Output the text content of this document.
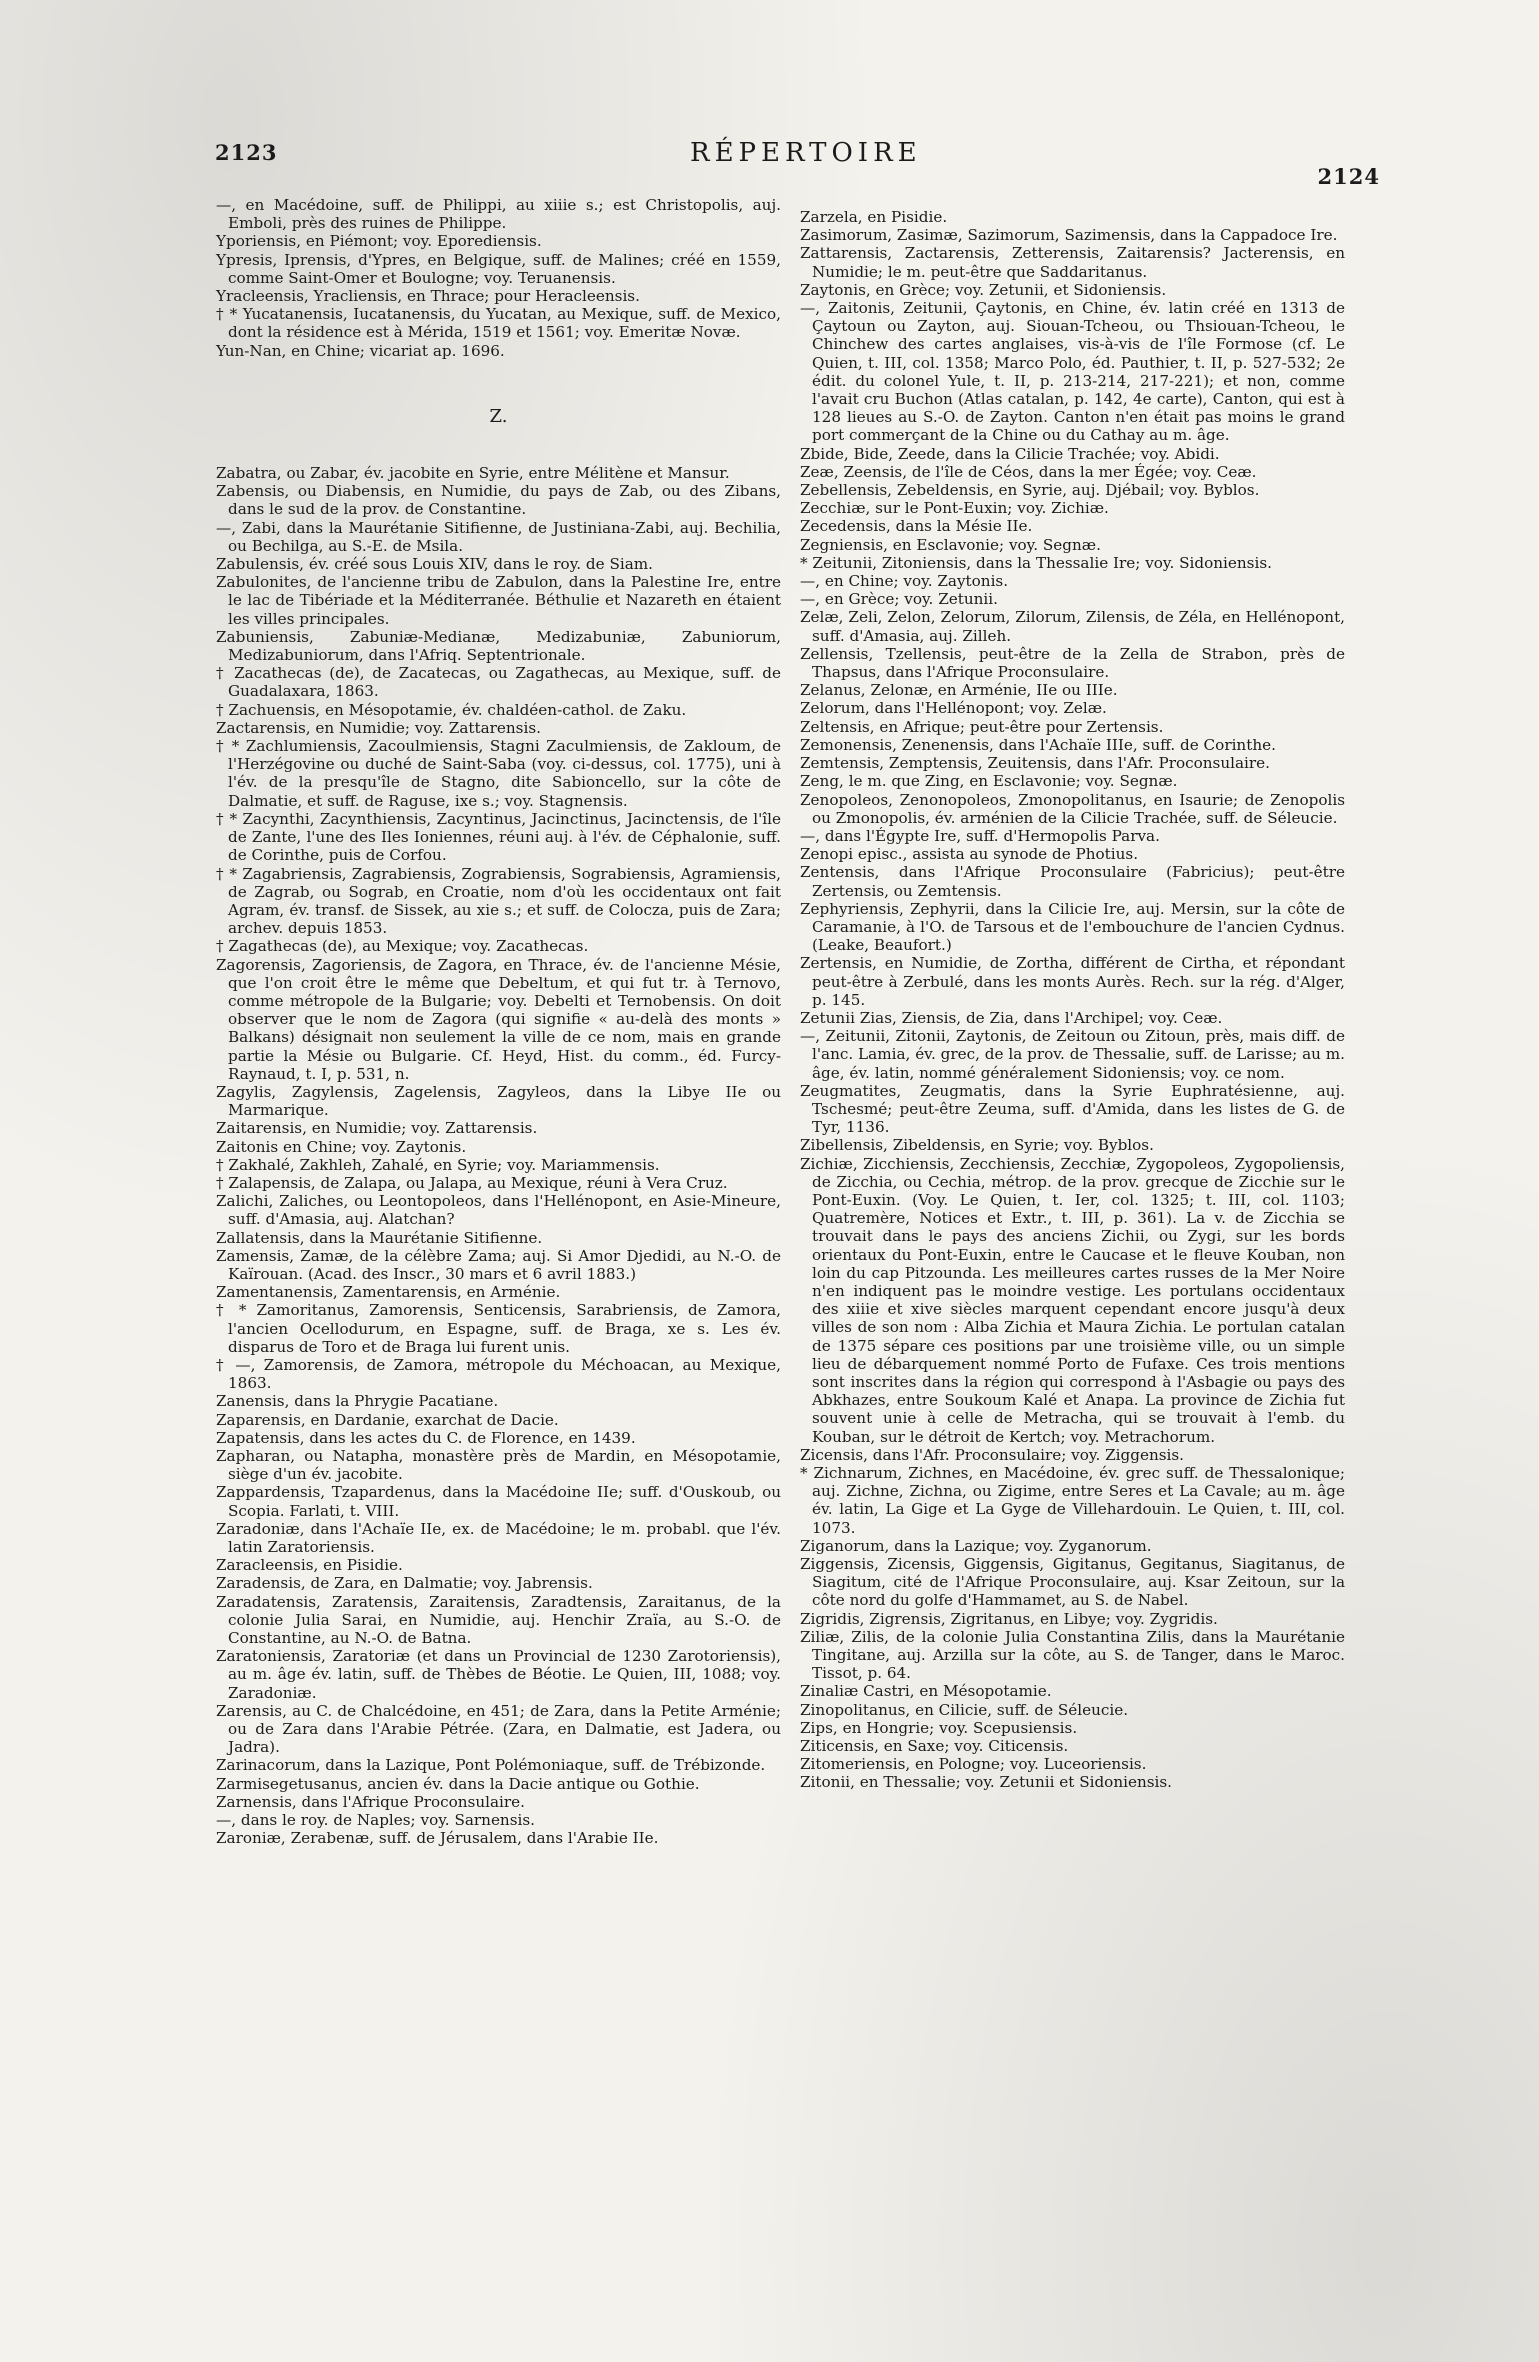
2123	RÉPERTOIRE
2124

—, en Macédoine, suff. de Philippi, au xiiie s.; est Christopolis, auj. Emboli, près des ruines de Philippe.

Yporiensis, en Piémont; voy. Eporediensis.

Ypresis, Iprensis, d'Ypres, en Belgique, suff. de Malines; créé en 1559, comme Saint-Omer et Boulogne; voy. Teruanensis.

Yracleensis, Yracliensis, en Thrace; pour Heracleensis.

† * Yucatanensis, Iucatanensis, du Yucatan, au Mexique, suff. de Mexico, dont la résidence est à Mérida, 1519 et 1561; voy. Emeritæ Novæ.

Yun-Nan, en Chine; vicariat ap. 1696.

Z.

Zabatra, ou Zabar, év. jacobite en Syrie, entre Mélitène et Mansur.

Zabensis, ou Diabensis, en Numidie, du pays de Zab, ou des Zibans, dans le sud de la prov. de Constantine.

—, Zabi, dans la Maurétanie Sitifienne, de Justiniana-Zabi, auj. Bechilia, ou Bechilga, au S.-E. de Msila.

Zabulensis, év. créé sous Louis XIV, dans le roy. de Siam.

Zabulonites, de l'ancienne tribu de Zabulon, dans la Palestine Ire, entre le lac de Tibériade et la Méditerranée. Béthulie et Nazareth en étaient les villes principales.

Zabuniensis, Zabuniæ-Medianæ, Medizabuniæ, Zabuniorum, Medizabuniorum, dans l'Afriq. Septentrionale.

† Zacathecas (de), de Zacatecas, ou Zagathecas, au Mexique, suff. de Guadalaxara, 1863.

† Zachuensis, en Mésopotamie, év. chaldéen-cathol. de Zaku.

Zactarensis, en Numidie; voy. Zattarensis.

† * Zachlumiensis, Zacoulmiensis, Stagni Zaculmiensis, de Zakloum, de l'Herzégovine ou duché de Saint-Saba (voy. ci-dessus, col. 1775), uni à l'év. de la presqu'île de Stagno, dite Sabioncello, sur la côte de Dalmatie, et suff. de Raguse, ixe s.; voy. Stagnensis.

† * Zacynthi, Zacynthiensis, Zacyntinus, Jacinctinus, Jacinctensis, de l'île de Zante, l'une des Iles Ioniennes, réuni auj. à l'év. de Céphalonie, suff. de Corinthe, puis de Corfou.

† * Zagabriensis, Zagrabiensis, Zograbiensis, Sograbiensis, Agramiensis, de Zagrab, ou Sograb, en Croatie, nom d'où les occidentaux ont fait Agram, év. transf. de Sissek, au xie s.; et suff. de Colocza, puis de Zara; archev. depuis 1853.

† Zagathecas (de), au Mexique; voy. Zacathecas.

Zagorensis, Zagoriensis, de Zagora, en Thrace, év. de l'ancienne Mésie, que l'on croit être le même que Debeltum, et qui fut tr. à Ternovo, comme métropole de la Bulgarie; voy. Debelti et Ternobensis. On doit observer que le nom de Zagora (qui signifie « au-delà des monts » Balkans) désignait non seulement la ville de ce nom, mais en grande partie la Mésie ou Bulgarie. Cf. Heyd, Hist. du comm., éd. Furcy-Raynaud, t. I, p. 531, n.

Zagylis, Zagylensis, Zagelensis, Zagyleos, dans la Libye IIe ou Marmarique.

Zaitarensis, en Numidie; voy. Zattarensis.

Zaitonis en Chine; voy. Zaytonis.

† Zakhalé, Zakhleh, Zahalé, en Syrie; voy. Mariammensis.

† Zalapensis, de Zalapa, ou Jalapa, au Mexique, réuni à Vera Cruz.

Zalichi, Zaliches, ou Leontopoleos, dans l'Hellénopont, en Asie-Mineure, suff. d'Amasia, auj. Alatchan?

Zallatensis, dans la Maurétanie Sitifienne.

Zamensis, Zamæ, de la célèbre Zama; auj. Si Amor Djedidi, au N.-O. de Kaïrouan. (Acad. des Inscr., 30 mars et 6 avril 1883.)

Zamentanensis, Zamentarensis, en Arménie.

† * Zamoritanus, Zamorensis, Senticensis, Sarabriensis, de Zamora, l'ancien Ocellodurum, en Espagne, suff. de Braga, xe s. Les év. disparus de Toro et de Braga lui furent unis.

† —, Zamorensis, de Zamora, métropole du Méchoacan, au Mexique, 1863.

Zanensis, dans la Phrygie Pacatiane.

Zaparensis, en Dardanie, exarchat de Dacie.

Zapatensis, dans les actes du C. de Florence, en 1439.

Zapharan, ou Natapha, monastère près de Mardin, en Mésopotamie, siège d'un év. jacobite.

Zappardensis, Tzapardenus, dans la Macédoine IIe; suff. d'Ouskoub, ou Scopia. Farlati, t. VIII.

Zaradoniæ, dans l'Achaïe IIe, ex. de Macédoine; le m. probabl. que l'év. latin Zaratoriensis.

Zaracleensis, en Pisidie.

Zaradensis, de Zara, en Dalmatie; voy. Jabrensis.

Zaradatensis, Zaratensis, Zaraitensis, Zaradtensis, Zaraitanus, de la colonie Julia Sarai, en Numidie, auj. Henchir Zraïa, au S.-O. de Constantine, au N.-O. de Batna.

Zaratoniensis, Zaratoriæ (et dans un Provincial de 1230 Zarotoriensis), au m. âge év. latin, suff. de Thèbes de Béotie. Le Quien, III, 1088; voy. Zaradoniæ.

Zarensis, au C. de Chalcédoine, en 451; de Zara, dans la Petite Arménie; ou de Zara dans l'Arabie Pétrée. (Zara, en Dalmatie, est Jadera, ou Jadra).

Zarinacorum, dans la Lazique, Pont Polémoniaque, suff. de Trébizonde.

Zarmisegetusanus, ancien év. dans la Dacie antique ou Gothie.

Zarnensis, dans l'Afrique Proconsulaire.

—, dans le roy. de Naples; voy. Sarnensis.

Zaroniæ, Zerabenæ, suff. de Jérusalem, dans l'Arabie IIe.

Zarzela, en Pisidie.

Zasimorum, Zasimæ, Sazimorum, Sazimensis, dans la Cappadoce Ire.

Zattarensis, Zactarensis, Zetterensis, Zaitarensis? Jacterensis, en Numidie; le m. peut-être que Saddaritanus.

Zaytonis, en Grèce; voy. Zetunii, et Sidoniensis.

—, Zaitonis, Zeitunii, Çaytonis, en Chine, év. latin créé en 1313 de Çaytoun ou Zayton, auj. Siouan-Tcheou, ou Thsiouan-Tcheou, le Chinchew des cartes anglaises, vis-à-vis de l'île Formose (cf. Le Quien, t. III, col. 1358; Marco Polo, éd. Pauthier, t. II, p. 527-532; 2e édit. du colonel Yule, t. II, p. 213-214, 217-221); et non, comme l'avait cru Buchon (Atlas catalan, p. 142, 4e carte), Canton, qui est à 128 lieues au S.-O. de Zayton. Canton n'en était pas moins le grand port commerçant de la Chine ou du Cathay au m. âge.

Zbide, Bide, Zeede, dans la Cilicie Trachée; voy. Abidi.

Zeæ, Zeensis, de l'île de Céos, dans la mer Égée; voy. Ceæ.

Zebellensis, Zebeldensis, en Syrie, auj. Djébail; voy. Byblos.

Zecchiæ, sur le Pont-Euxin; voy. Zichiæ.

Zecedensis, dans la Mésie IIe.

Zegniensis, en Esclavonie; voy. Segnæ.

* Zeitunii, Zitoniensis, dans la Thessalie Ire; voy. Sidoniensis.

—, en Chine; voy. Zaytonis.

—, en Grèce; voy. Zetunii.

Zelæ, Zeli, Zelon, Zelorum, Zilorum, Zilensis, de Zéla, en Hellénopont, suff. d'Amasia, auj. Zilleh.

Zellensis, Tzellensis, peut-être de la Zella de Strabon, près de Thapsus, dans l'Afrique Proconsulaire.

Zelanus, Zelonæ, en Arménie, IIe ou IIIe.

Zelorum, dans l'Hellénopont; voy. Zelæ.

Zeltensis, en Afrique; peut-être pour Zertensis.

Zemonensis, Zenenensis, dans l'Achaïe IIIe, suff. de Corinthe.

Zemtensis, Zemptensis, Zeuitensis, dans l'Afr. Proconsulaire.

Zeng, le m. que Zing, en Esclavonie; voy. Segnæ.

Zenopoleos, Zenonopoleos, Zmonopolitanus, en Isaurie; de Zenopolis ou Zmonopolis, év. arménien de la Cilicie Trachée, suff. de Séleucie.

—, dans l'Égypte Ire, suff. d'Hermopolis Parva.

Zenopi episc., assista au synode de Photius.

Zentensis, dans l'Afrique Proconsulaire (Fabricius); peut-être Zertensis, ou Zemtensis.

Zephyriensis, Zephyrii, dans la Cilicie Ire, auj. Mersin, sur la côte de Caramanie, à l'O. de Tarsous et de l'embouchure de l'ancien Cydnus. (Leake, Beaufort.)

Zertensis, en Numidie, de Zortha, différent de Cirtha, et répondant peut-être à Zerbulé, dans les monts Aurès. Rech. sur la rég. d'Alger, p. 145.

Zetunii Zias, Ziensis, de Zia, dans l'Archipel; voy. Ceæ.

—, Zeitunii, Zitonii, Zaytonis, de Zeitoun ou Zitoun, près, mais diff. de l'anc. Lamia, év. grec, de la prov. de Thessalie, suff. de Larisse; au m. âge, év. latin, nommé généralement Sidoniensis; voy. ce nom.

Zeugmatites, Zeugmatis, dans la Syrie Euphratésienne, auj. Tschesmé; peut-être Zeuma, suff. d'Amida, dans les listes de G. de Tyr, 1136.

Zibellensis, Zibeldensis, en Syrie; voy. Byblos.

Zichiæ, Zicchiensis, Zecchiensis, Zecchiæ, Zygopoleos, Zygopoliensis, de Zicchia, ou Cechia, métrop. de la prov. grecque de Zicchie sur le Pont-Euxin. (Voy. Le Quien, t. Ier, col. 1325; t. III, col. 1103; Quatremère, Notices et Extr., t. III, p. 361). La v. de Zicchia se trouvait dans le pays des anciens Zichii, ou Zygi, sur les bords orientaux du Pont-Euxin, entre le Caucase et le fleuve Kouban, non loin du cap Pitzounda. Les meilleures cartes russes de la Mer Noire n'en indiquent pas le moindre vestige. Les portulans occidentaux des xiiie et xive siècles marquent cependant encore jusqu'à deux villes de son nom : Alba Zichia et Maura Zichia. Le portulan catalan de 1375 sépare ces positions par une troisième ville, ou un simple lieu de débarquement nommé Porto de Fufaxe. Ces trois mentions sont inscrites dans la région qui correspond à l'Asbagie ou pays des Abkhazes, entre Soukoum Kalé et Anapa. La province de Zichia fut souvent unie à celle de Metracha, qui se trouvait à l'emb. du Kouban, sur le détroit de Kertch; voy. Metrachorum.

Zicensis, dans l'Afr. Proconsulaire; voy. Ziggensis.

* Zichnarum, Zichnes, en Macédoine, év. grec suff. de Thessalonique; auj. Zichne, Zichna, ou Zigime, entre Seres et La Cavale; au m. âge év. latin, La Gige et La Gyge de Villehardouin. Le Quien, t. III, col. 1073.

Ziganorum, dans la Lazique; voy. Zyganorum.

Ziggensis, Zicensis, Giggensis, Gigitanus, Gegitanus, Siagitanus, de Siagitum, cité de l'Afrique Proconsulaire, auj. Ksar Zeitoun, sur la côte nord du golfe d'Hammamet, au S. de Nabel.

Zigridis, Zigrensis, Zigritanus, en Libye; voy. Zygridis.

Ziliæ, Zilis, de la colonie Julia Constantina Zilis, dans la Maurétanie Tingitane, auj. Arzilla sur la côte, au S. de Tanger, dans le Maroc. Tissot, p. 64.

Zinaliæ Castri, en Mésopotamie.

Zinopolitanus, en Cilicie, suff. de Séleucie.

Zips, en Hongrie; voy. Scepusiensis.

Ziticensis, en Saxe; voy. Citicensis.

Zitomeriensis, en Pologne; voy. Luceoriensis.

Zitonii, en Thessalie; voy. Zetunii et Sidoniensis.
